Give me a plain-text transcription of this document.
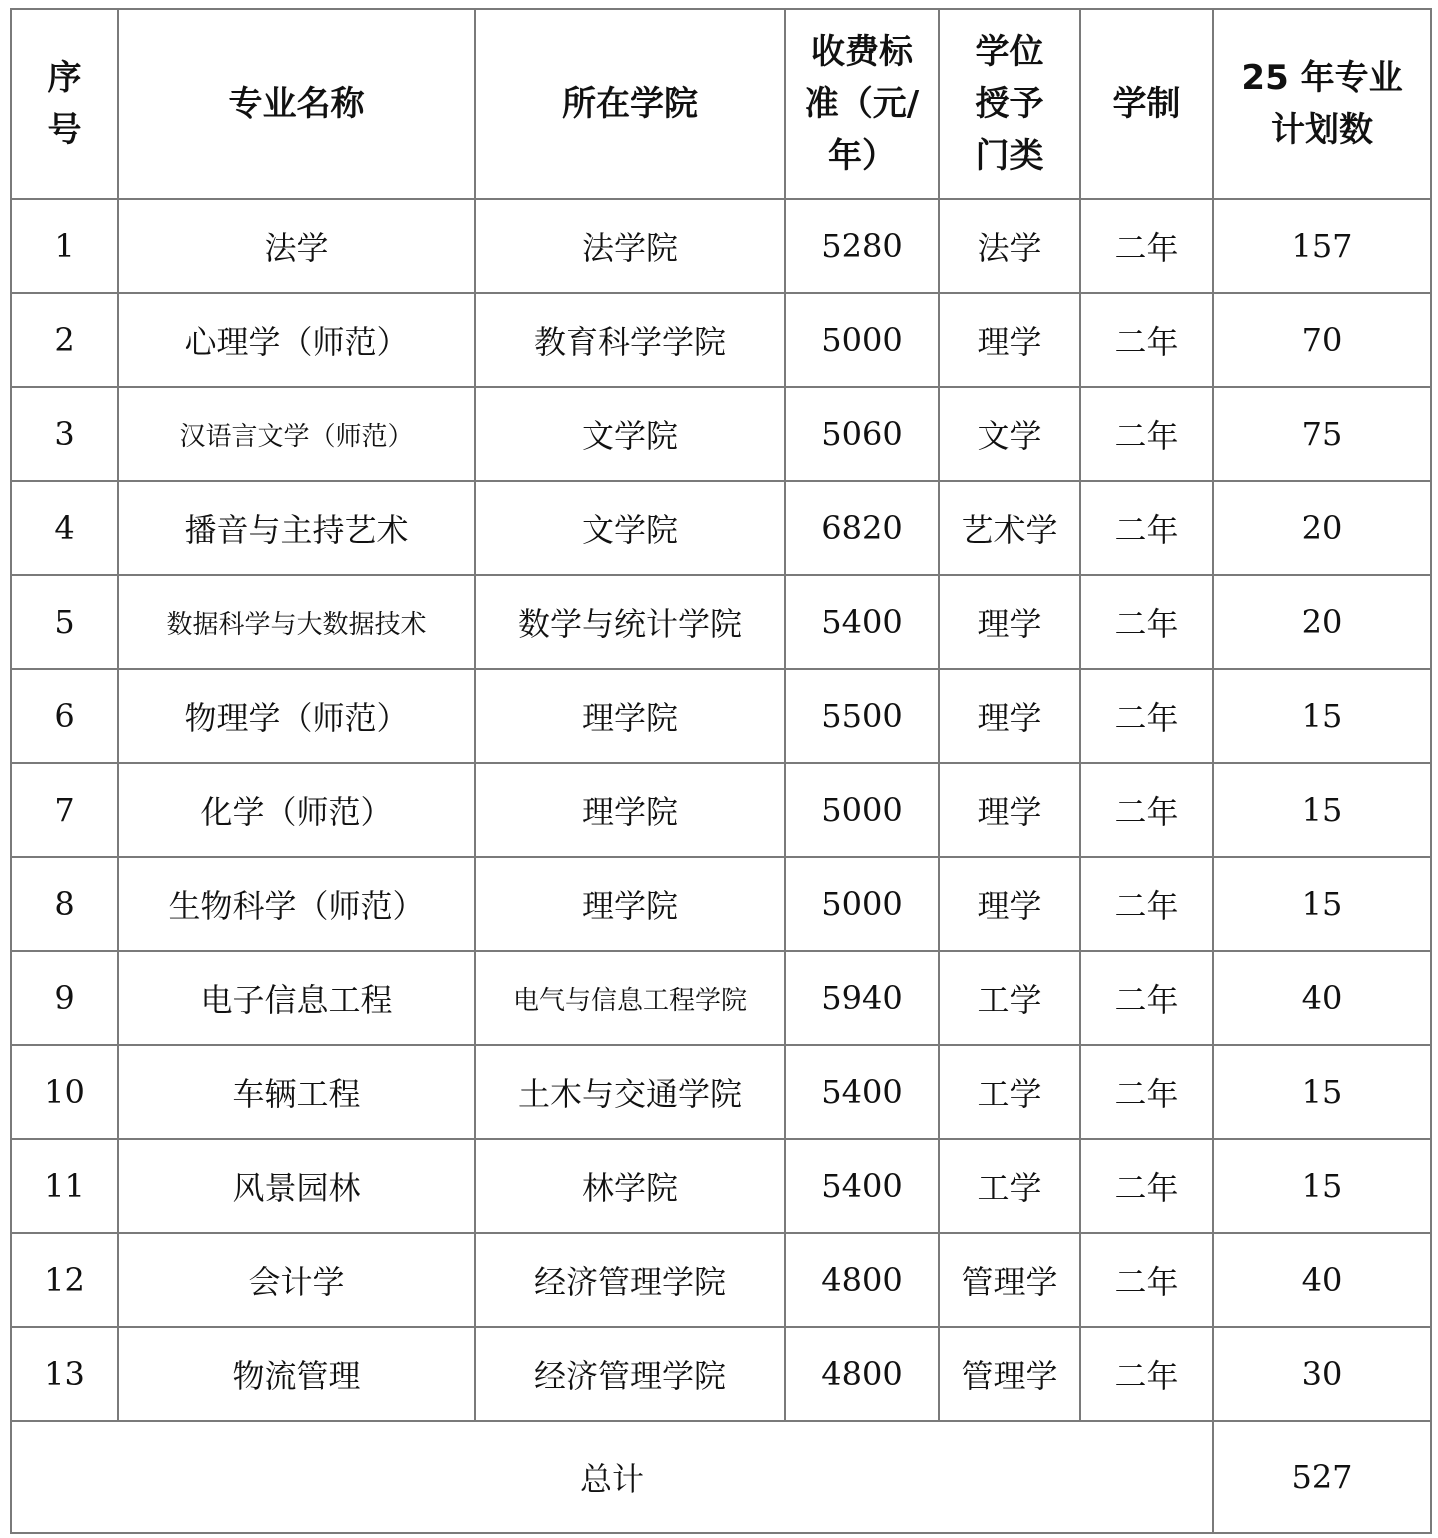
序号	专业名称	所在学院	收费标准（元/年）	学位授予门类	学制	25 年专业计划数
1	法学	法学院	5280	法学	二年	157
2	心理学（师范）	教育科学学院	5000	理学	二年	70
3	汉语言文学（师范）	文学院	5060	文学	二年	75
4	播音与主持艺术	文学院	6820	艺术学	二年	20
5	数据科学与大数据技术	数学与统计学院	5400	理学	二年	20
6	物理学（师范）	理学院	5500	理学	二年	15
7	化学（师范）	理学院	5000	理学	二年	15
8	生物科学（师范）	理学院	5000	理学	二年	15
9	电子信息工程	电气与信息工程学院	5940	工学	二年	40
10	车辆工程	土木与交通学院	5400	工学	二年	15
11	风景园林	林学院	5400	工学	二年	15
12	会计学	经济管理学院	4800	管理学	二年	40
13	物流管理	经济管理学院	4800	管理学	二年	30
总计						527
